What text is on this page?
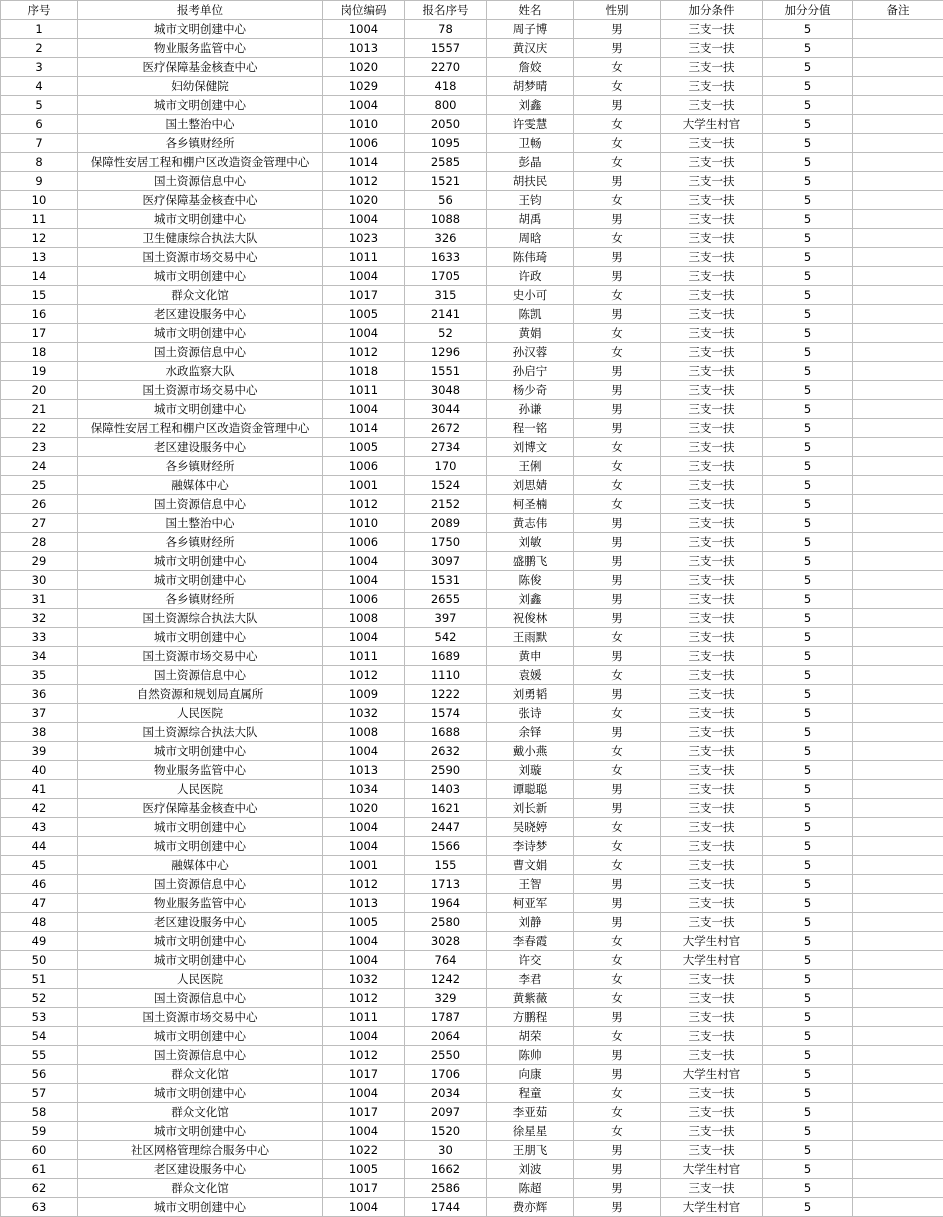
序号	报考单位	岗位编码	报名序号	姓名	性别	加分条件	加分分值	备注
1	城市文明创建中心	1004	78	周子博	男	三支一扶	5	
2	物业服务监管中心	1013	1557	黄汉庆	男	三支一扶	5	
3	医疗保障基金核查中心	1020	2270	詹姣	女	三支一扶	5	
4	妇幼保健院	1029	418	胡梦晴	女	三支一扶	5	
5	城市文明创建中心	1004	800	刘鑫	男	三支一扶	5	
6	国土整治中心	1010	2050	许雯慧	女	大学生村官	5	
7	各乡镇财经所	1006	1095	卫畅	女	三支一扶	5	
8	保障性安居工程和棚户区改造资金管理中心	1014	2585	彭晶	女	三支一扶	5	
9	国土资源信息中心	1012	1521	胡扶民	男	三支一扶	5	
10	医疗保障基金核查中心	1020	56	王钧	女	三支一扶	5	
11	城市文明创建中心	1004	1088	胡禹	男	三支一扶	5	
12	卫生健康综合执法大队	1023	326	周晗	女	三支一扶	5	
13	国土资源市场交易中心	1011	1633	陈伟琦	男	三支一扶	5	
14	城市文明创建中心	1004	1705	许政	男	三支一扶	5	
15	群众文化馆	1017	315	史小可	女	三支一扶	5	
16	老区建设服务中心	1005	2141	陈凯	男	三支一扶	5	
17	城市文明创建中心	1004	52	黄娟	女	三支一扶	5	
18	国土资源信息中心	1012	1296	孙汉蓉	女	三支一扶	5	
19	水政监察大队	1018	1551	孙启宁	男	三支一扶	5	
20	国土资源市场交易中心	1011	3048	杨少奇	男	三支一扶	5	
21	城市文明创建中心	1004	3044	孙谦	男	三支一扶	5	
22	保障性安居工程和棚户区改造资金管理中心	1014	2672	程一铭	男	三支一扶	5	
23	老区建设服务中心	1005	2734	刘博文	女	三支一扶	5	
24	各乡镇财经所	1006	170	王俐	女	三支一扶	5	
25	融媒体中心	1001	1524	刘思婧	女	三支一扶	5	
26	国土资源信息中心	1012	2152	柯圣楠	女	三支一扶	5	
27	国土整治中心	1010	2089	黄志伟	男	三支一扶	5	
28	各乡镇财经所	1006	1750	刘敏	男	三支一扶	5	
29	城市文明创建中心	1004	3097	盛鹏飞	男	三支一扶	5	
30	城市文明创建中心	1004	1531	陈俊	男	三支一扶	5	
31	各乡镇财经所	1006	2655	刘鑫	男	三支一扶	5	
32	国土资源综合执法大队	1008	397	祝俊林	男	三支一扶	5	
33	城市文明创建中心	1004	542	王雨默	女	三支一扶	5	
34	国土资源市场交易中心	1011	1689	黄申	男	三支一扶	5	
35	国土资源信息中心	1012	1110	袁媛	女	三支一扶	5	
36	自然资源和规划局直属所	1009	1222	刘勇韬	男	三支一扶	5	
37	人民医院	1032	1574	张诗	女	三支一扶	5	
38	国土资源综合执法大队	1008	1688	余铎	男	三支一扶	5	
39	城市文明创建中心	1004	2632	戴小燕	女	三支一扶	5	
40	物业服务监管中心	1013	2590	刘璇	女	三支一扶	5	
41	人民医院	1034	1403	谭聪聪	男	三支一扶	5	
42	医疗保障基金核查中心	1020	1621	刘长新	男	三支一扶	5	
43	城市文明创建中心	1004	2447	吴晓婷	女	三支一扶	5	
44	城市文明创建中心	1004	1566	李诗梦	女	三支一扶	5	
45	融媒体中心	1001	155	曹文娟	女	三支一扶	5	
46	国土资源信息中心	1012	1713	王智	男	三支一扶	5	
47	物业服务监管中心	1013	1964	柯亚军	男	三支一扶	5	
48	老区建设服务中心	1005	2580	刘静	男	三支一扶	5	
49	城市文明创建中心	1004	3028	李春霞	女	大学生村官	5	
50	城市文明创建中心	1004	764	许交	女	大学生村官	5	
51	人民医院	1032	1242	李君	女	三支一扶	5	
52	国土资源信息中心	1012	329	黄紫薇	女	三支一扶	5	
53	国土资源市场交易中心	1011	1787	方鹏程	男	三支一扶	5	
54	城市文明创建中心	1004	2064	胡荣	女	三支一扶	5	
55	国土资源信息中心	1012	2550	陈帅	男	三支一扶	5	
56	群众文化馆	1017	1706	向康	男	大学生村官	5	
57	城市文明创建中心	1004	2034	程童	女	三支一扶	5	
58	群众文化馆	1017	2097	李亚茹	女	三支一扶	5	
59	城市文明创建中心	1004	1520	徐星星	女	三支一扶	5	
60	社区网格管理综合服务中心	1022	30	王朋飞	男	三支一扶	5	
61	老区建设服务中心	1005	1662	刘波	男	大学生村官	5	
62	群众文化馆	1017	2586	陈超	男	三支一扶	5	
63	城市文明创建中心	1004	1744	费亦辉	男	大学生村官	5	
